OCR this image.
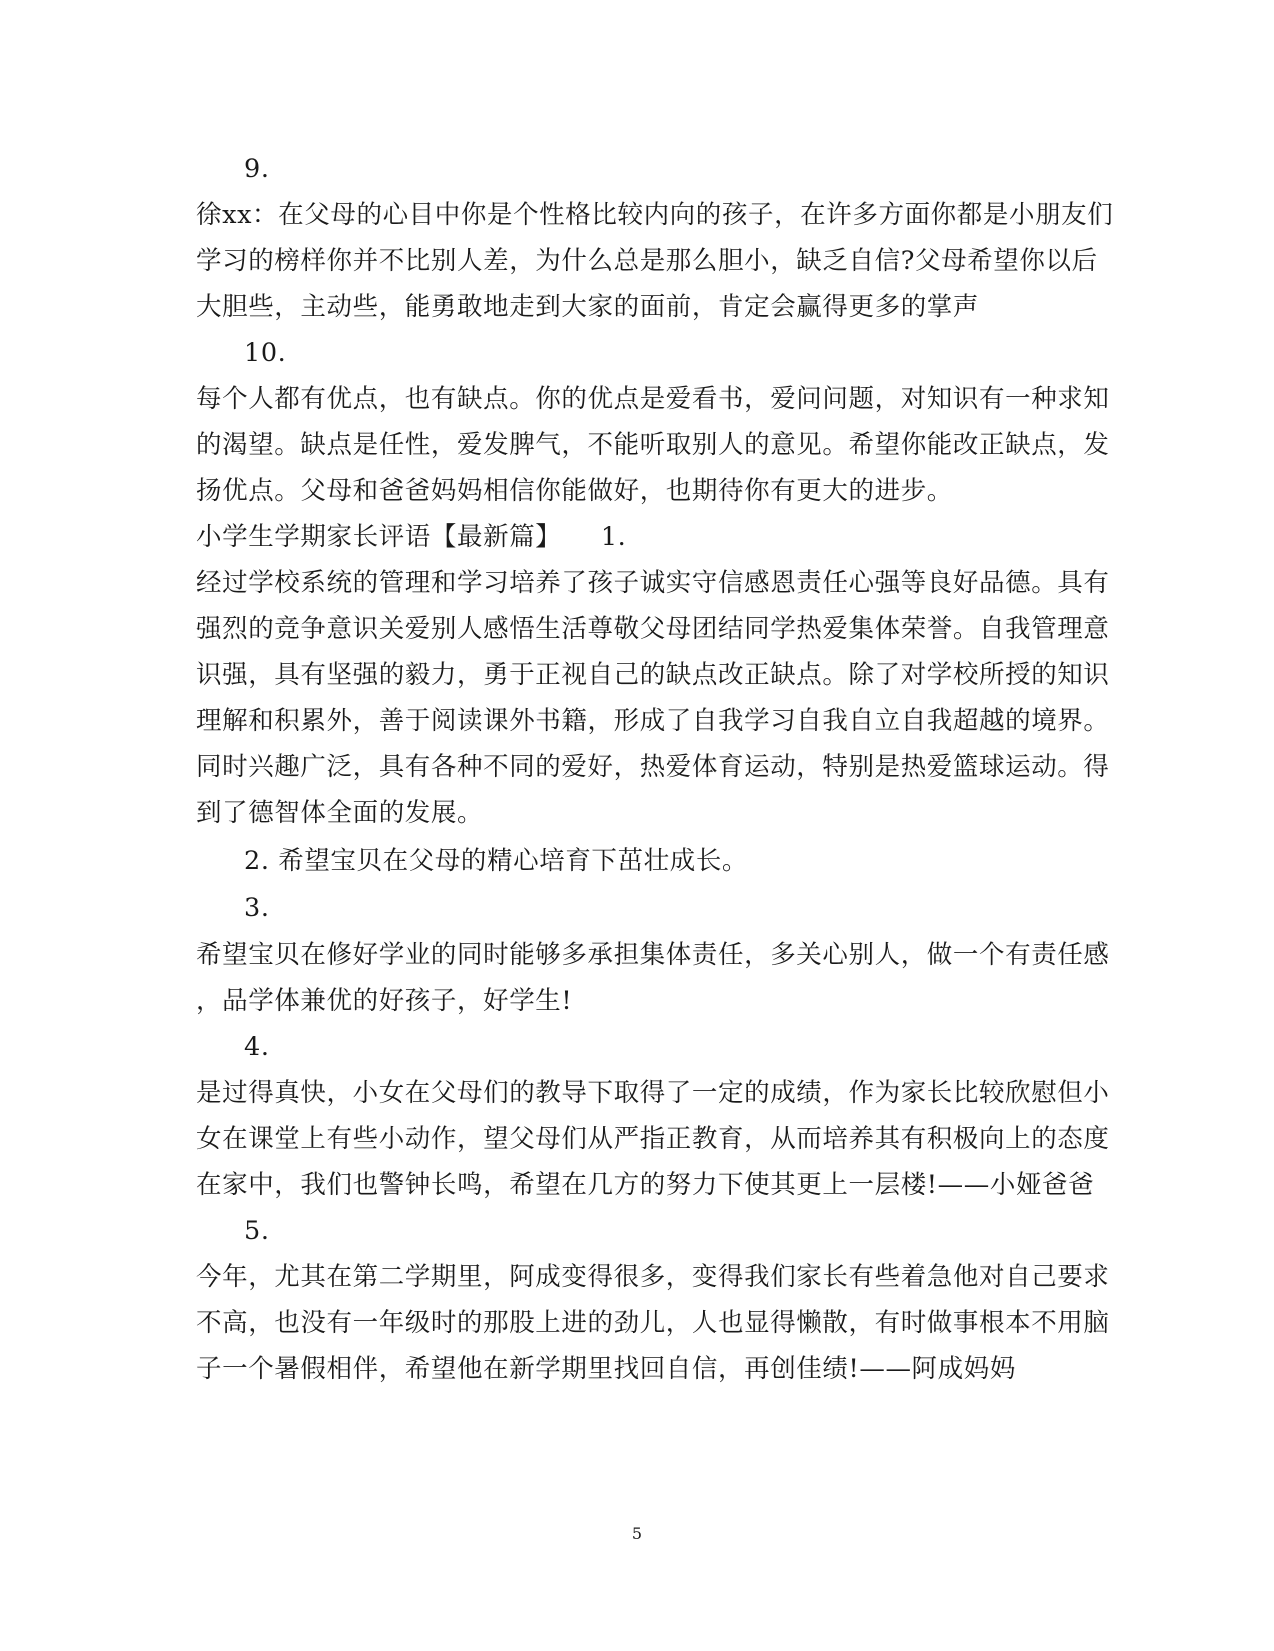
9.
徐xx：在父母的心目中你是个性格比较内向的孩子，在许多方面你都是小朋友们
学习的榜样你并不比别人差，为什么总是那么胆小，缺乏自信?父母希望你以后
大胆些，主动些，能勇敢地走到大家的面前，肯定会赢得更多的掌声
10.
每个人都有优点，也有缺点。你的优点是爱看书，爱问问题，对知识有一种求知
的渴望。缺点是任性，爱发脾气，不能听取别人的意见。希望你能改正缺点，发
扬优点。父母和爸爸妈妈相信你能做好，也期待你有更大的进步。
小学生学期家长评语【最新篇】　　1.
经过学校系统的管理和学习培养了孩子诚实守信感恩责任心强等良好品德。具有
强烈的竞争意识关爱别人感悟生活尊敬父母团结同学热爱集体荣誉。自我管理意
识强，具有坚强的毅力，勇于正视自己的缺点改正缺点。除了对学校所授的知识
理解和积累外，善于阅读课外书籍，形成了自我学习自我自立自我超越的境界。
同时兴趣广泛，具有各种不同的爱好，热爱体育运动，特别是热爱篮球运动。得
到了德智体全面的发展。
2. 希望宝贝在父母的精心培育下茁壮成长。
3.
希望宝贝在修好学业的同时能够多承担集体责任，多关心别人，做一个有责任感
，品学体兼优的好孩子，好学生!
4.
是过得真快，小女在父母们的教导下取得了一定的成绩，作为家长比较欣慰但小
女在课堂上有些小动作，望父母们从严指正教育，从而培养其有积极向上的态度
在家中，我们也警钟长鸣，希望在几方的努力下使其更上一层楼!——小娅爸爸
5.
今年，尤其在第二学期里，阿成变得很多，变得我们家长有些着急他对自己要求
不高，也没有一年级时的那股上进的劲儿，人也显得懒散，有时做事根本不用脑
子一个暑假相伴，希望他在新学期里找回自信，再创佳绩!——阿成妈妈
5
